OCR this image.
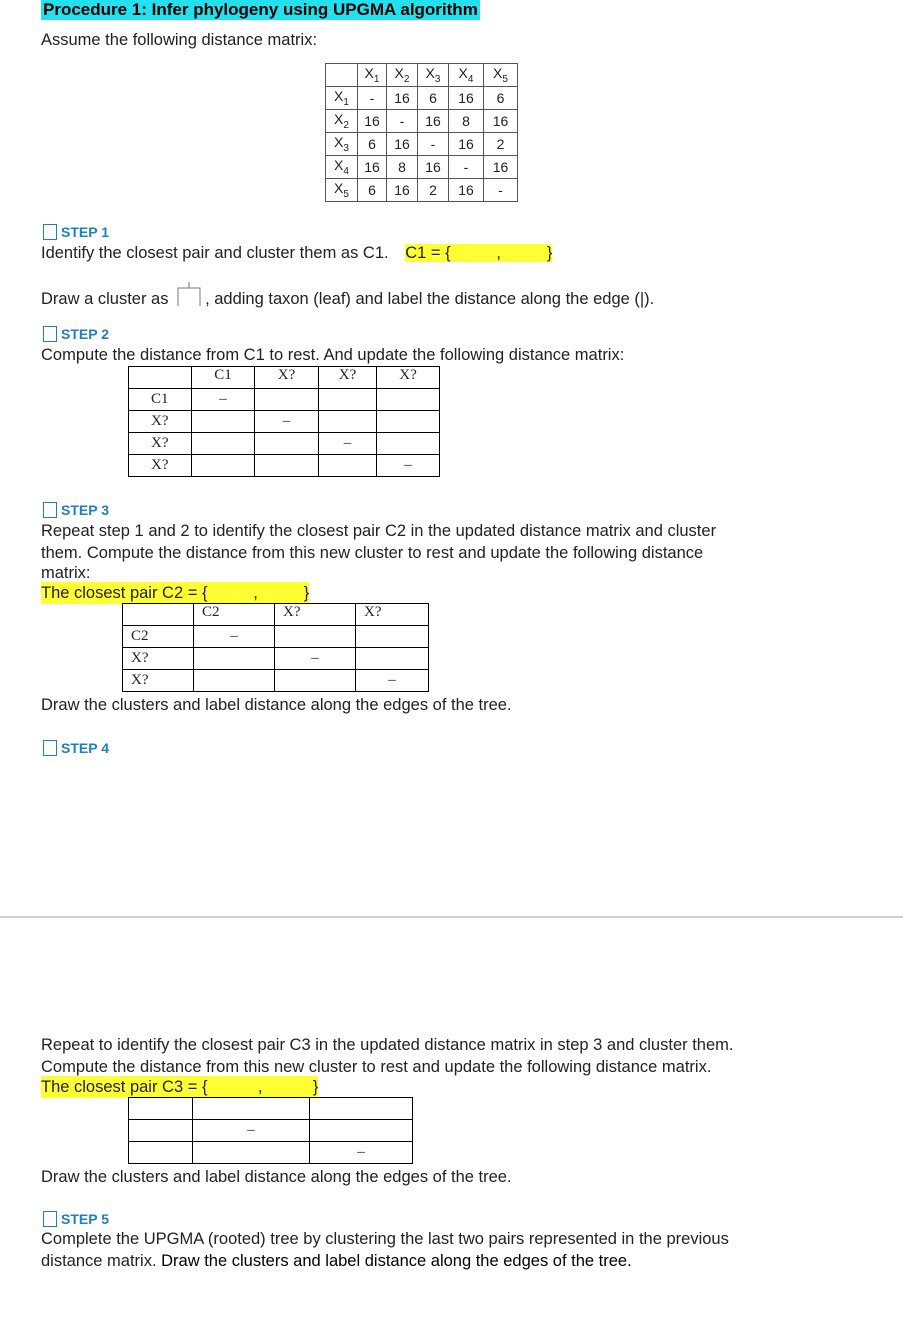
Procedure 1: Infer phylogeny using UPGMA algorithm
Assume the following distance matrix:
	$X_1$	$X_2$	$X_3$	$X_4$	$X_5$
$X_1$	-	16	6	16	6
$X_2$	16	-	16	8	16
$X_3$	6	16	-	16	2
$X_4$	16	8	16	-	16
$X_5$	6	16	2	16	-
STEP 1
Identify the closest pair and cluster them as C1. C1 = {          ,          }
Draw a cluster as , adding taxon (leaf) and label the distance along the edge (|).
STEP 2
Compute the distance from C1 to rest. And update the following distance matrix:
	C1	X?	X?	X?
C1	–			
X?		–		
X?			–	
X?				–
STEP 3
Repeat step 1 and 2 to identify the closest pair C2 in the updated distance matrix and cluster
them. Compute the distance from this new cluster to rest and update the following distance
matrix:
The closest pair C2 = {          ,          }
	C2	X?	X?
C2	–		
X?		–	
X?			–
Draw the clusters and label distance along the edges of the tree.
STEP 4
Repeat to identify the closest pair C3 in the updated distance matrix in step 3 and cluster them.
Compute the distance from this new cluster to rest and update the following distance matrix.
The closest pair C3 = {           ,           }

	–	
		–
Draw the clusters and label distance along the edges of the tree.
STEP 5
Complete the UPGMA (rooted) tree by clustering the last two pairs represented in the previous
distance matrix. Draw the clusters and label distance along the edges of the tree.
